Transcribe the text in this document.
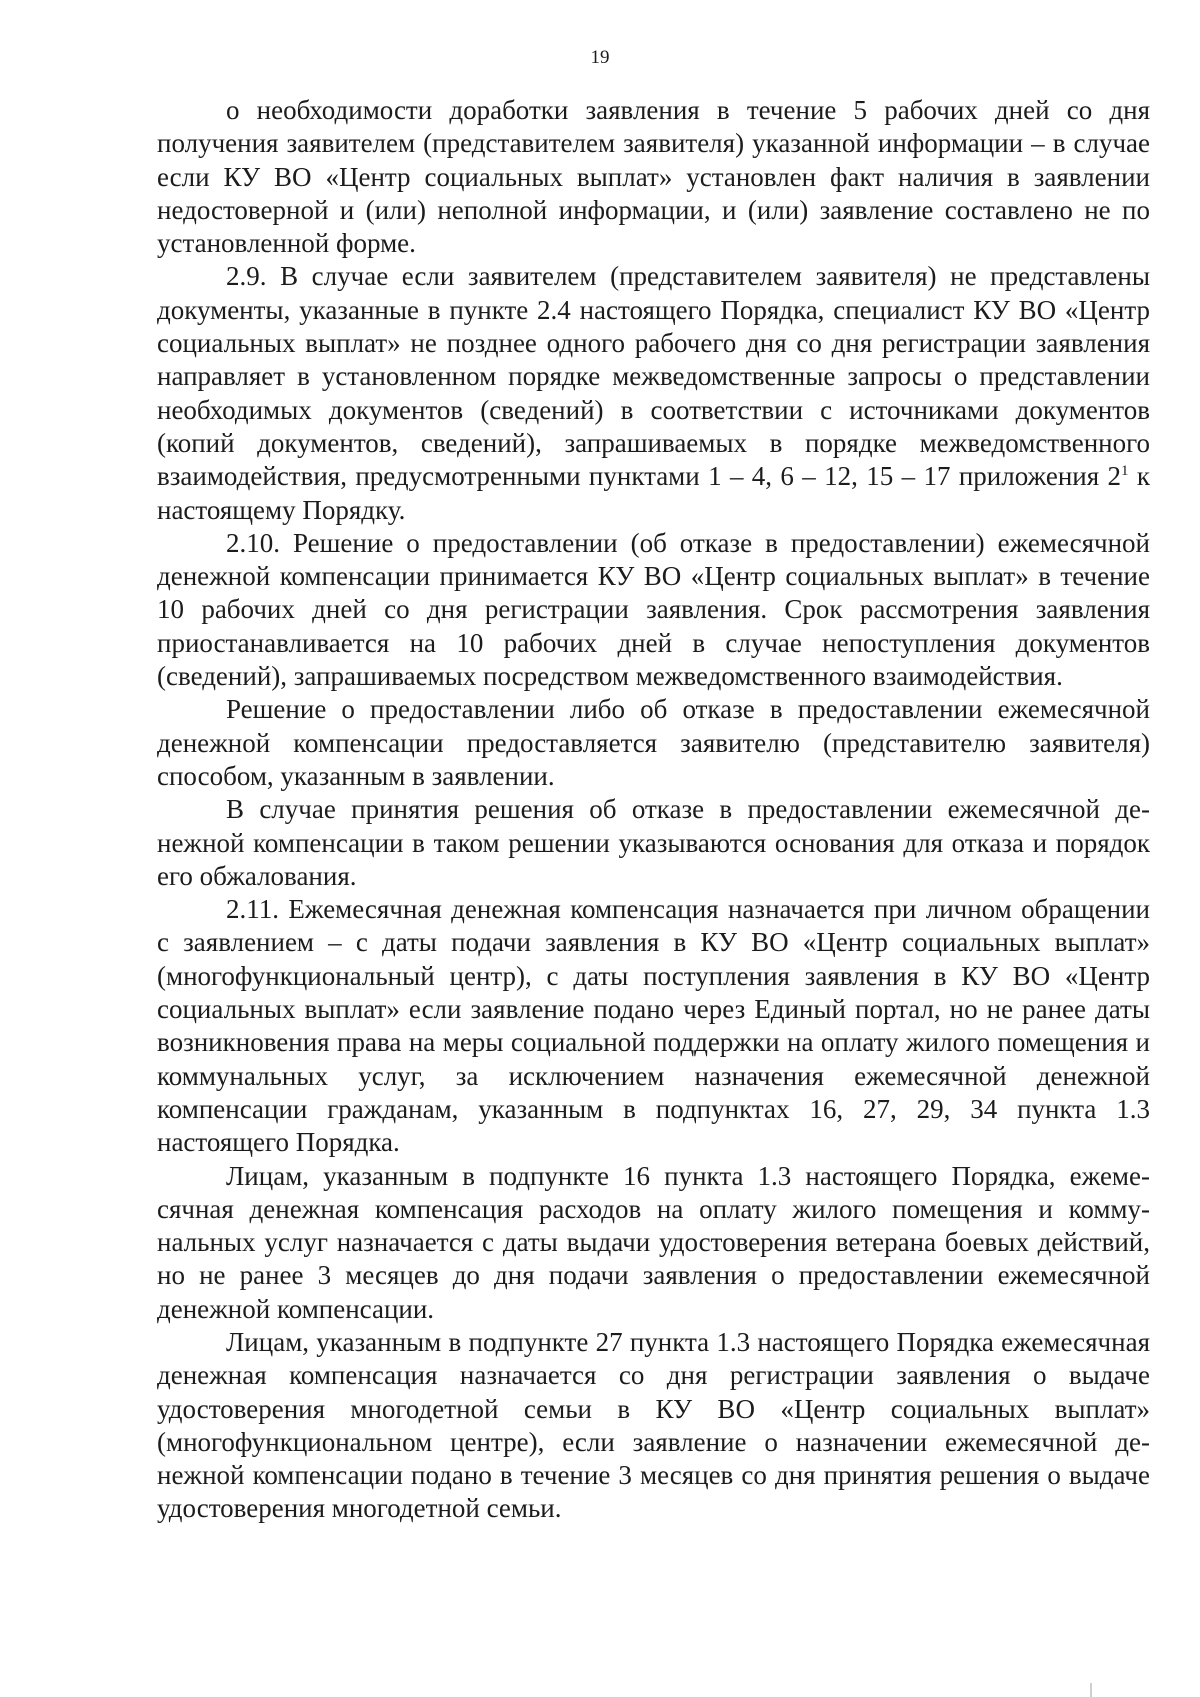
19

о необходимости доработки заявления в течение 5 рабочих дней со дня получения заявителем (представителем заявителя) указанной информации – в случае если КУ ВО «Центр социальных выплат» установлен факт наличия в заявлении недостоверной и (или) неполной информации, и (или) заявление составлено не по установленной форме.

2.9. В случае если заявителем (представителем заявителя) не представлены документы, указанные в пункте 2.4 настоящего Порядка, специалист КУ ВО «Центр социальных выплат» не позднее одного рабочего дня со дня регистрации заявления направляет в установленном порядке межведомственные запросы о представлении необходимых документов (сведений) в соответствии с источниками документов (копий документов, сведений), запрашиваемых в порядке межведомственного взаимодействия, предусмотренными пунктами 1 – 4, 6 – 12, 15 – 17 приложения $2^1$ к настоящему Порядку.

2.10. Решение о предоставлении (об отказе в предоставлении) ежемесячной денежной компенсации принимается КУ ВО «Центр социальных выплат» в течение 10 рабочих дней со дня регистрации заявления. Срок рассмотрения заявления приостанавливается на 10 рабочих дней в случае непоступления документов (сведений), запрашиваемых посредством межведомственного взаимодействия.

Решение о предоставлении либо об отказе в предоставлении ежемесячной денежной компенсации предоставляется заявителю (представителю заявителя) способом, указанным в заявлении.

В случае принятия решения об отказе в предоставлении ежемесячной денежной компенсации в таком решении указываются основания для отказа и порядок его обжалования.

2.11. Ежемесячная денежная компенсация назначается при личном обращении с заявлением – с даты подачи заявления в КУ ВО «Центр социальных выплат» (многофункциональный центр), с даты поступления заявления в КУ ВО «Центр социальных выплат» если заявление подано через Единый портал, но не ранее даты возникновения права на меры социальной поддержки на оплату жилого помещения и коммунальных услуг, за исключением назначения ежемесячной денежной компенсации гражданам, указанным в подпунктах 16, 27, 29, 34 пункта 1.3 настоящего Порядка.

Лицам, указанным в подпункте 16 пункта 1.3 настоящего Порядка, ежемесячная денежная компенсация расходов на оплату жилого помещения и коммунальных услуг назначается с даты выдачи удостоверения ветерана боевых действий, но не ранее 3 месяцев до дня подачи заявления о предоставлении ежемесячной денежной компенсации.

Лицам, указанным в подпункте 27 пункта 1.3 настоящего Порядка ежемесячная денежная компенсация назначается со дня регистрации заявления о выдаче удостоверения многодетной семьи в КУ ВО «Центр социальных выплат» (многофункциональном центре), если заявление о назначении ежемесячной денежной компенсации подано в течение 3 месяцев со дня принятия решения о выдаче удостоверения многодетной семьи.
